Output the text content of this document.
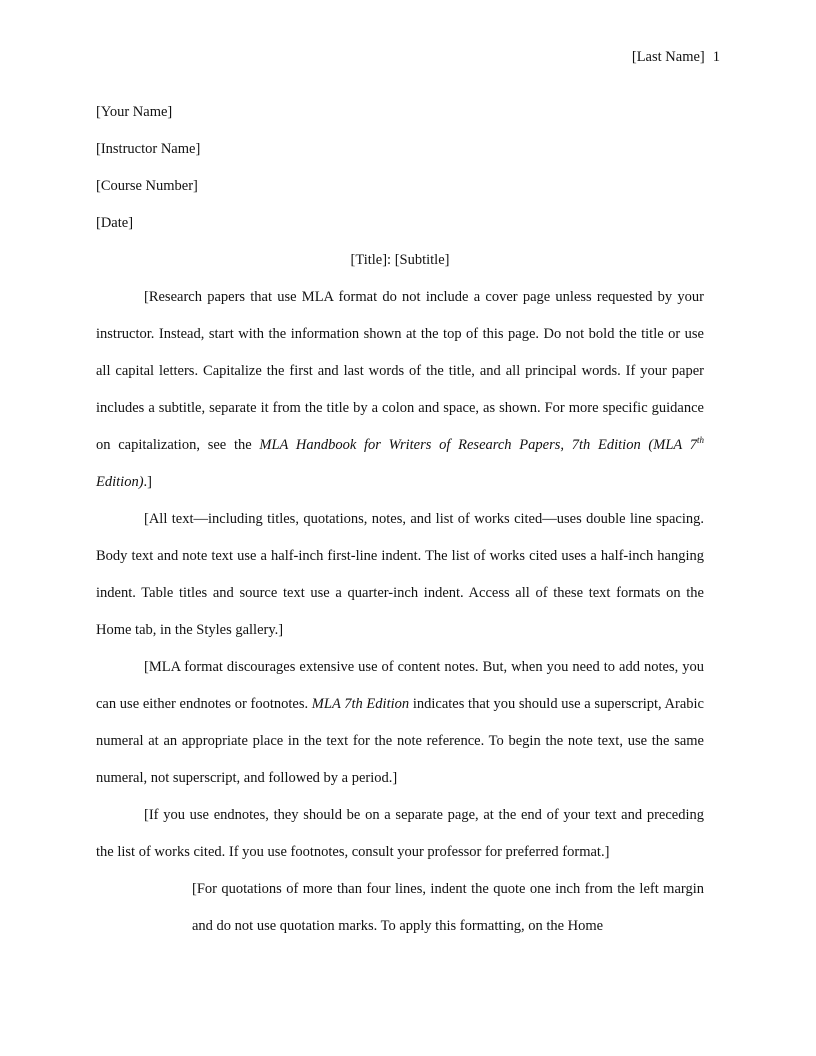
[Last Name] 1
[Your Name]
[Instructor Name]
[Course Number]
[Date]
[Title]: [Subtitle]

[Research papers that use MLA format do not include a cover page unless requested by your instructor. Instead, start with the information shown at the top of this page. Do not bold the title or use all capital letters. Capitalize the first and last words of the title, and all principal words. If your paper includes a subtitle, separate it from the title by a colon and space, as shown. For more specific guidance on capitalization, see the MLA Handbook for Writers of Research Papers, 7th Edition (MLA 7th Edition).]

[All text—including titles, quotations, notes, and list of works cited—uses double line spacing. Body text and note text use a half-inch first-line indent. The list of works cited uses a half-inch hanging indent. Table titles and source text use a quarter-inch indent. Access all of these text formats on the Home tab, in the Styles gallery.]

[MLA format discourages extensive use of content notes. But, when you need to add notes, you can use either endnotes or footnotes. MLA 7th Edition indicates that you should use a superscript, Arabic numeral at an appropriate place in the text for the note reference. To begin the note text, use the same numeral, not superscript, and followed by a period.]

[If you use endnotes, they should be on a separate page, at the end of your text and preceding the list of works cited. If you use footnotes, consult your professor for preferred format.]

[For quotations of more than four lines, indent the quote one inch from the left margin and do not use quotation marks. To apply this formatting, on the Home
